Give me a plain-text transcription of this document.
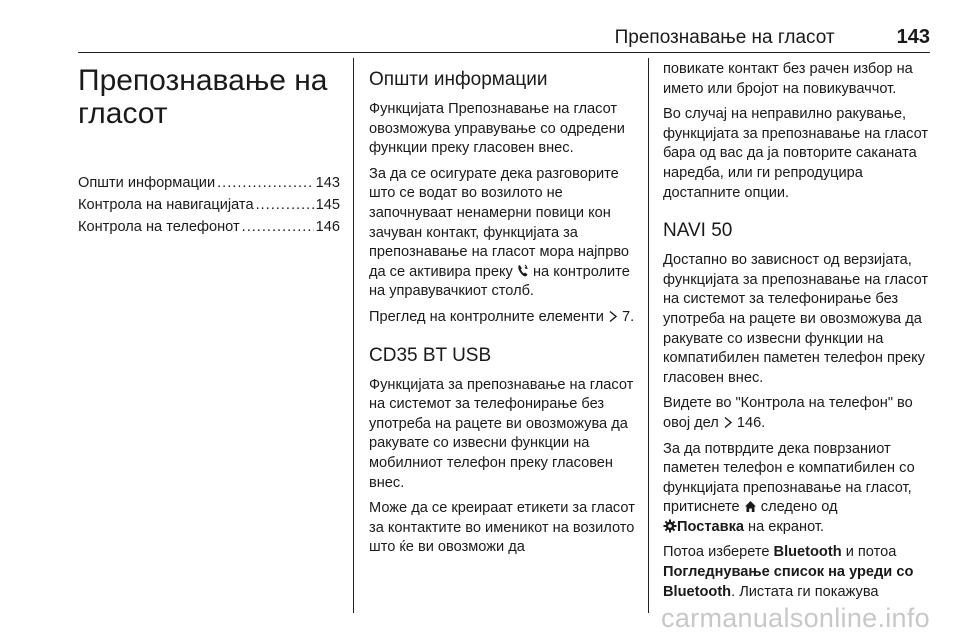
Препознавање на гласот	143
Препознавање на гласот
Општи информации .....	143
Контрола на навигацијата .....	145
Контрола на телефонот .....	146
Општи информации

Функцијата Препознавање на гласот овозможува управување со одредени функции преку гласовен внес.

За да се осигурате дека разговорите што се водат во возилото не започнуваат ненамерни повици кон зачуван контакт, функцијата за препознавање на гласот мора најпрво да се активира преку на контролите на управувачкиот столб.

Преглед на контролните елементи 7.

CD35 BT USB

Функцијата за препознавање на гласот на системот за телефонирање без употреба на рацете ви овозможува да ракувате со извесни функции на мобилниот телефон преку гласовен внес.

Може да се креираат етикети за гласот за контактите во именикот на возилото што ќе ви овозможи да

повикате контакт без рачен избор на името или бројот на повикуваччот.

Во случај на неправилно ракување, функцијата за препознавање на гласот бара од вас да ја повторите саканата наредба, или ги репродуцира достапните опции.

NAVI 50

Достапно во зависност од верзијата, функцијата за препознавање на гласот на системот за телефонирање без употреба на рацете ви овозможува да ракувате со извесни функции на компатибилен паметен телефон преку гласовен внес.

Видете во "Контрола на телефон" во овој дел 146.

За да потврдите дека поврзаниот паметен телефон е компатибилен со функцијата препознавање на гласот, притиснете следено од
Поставка на екранот.

Потоа изберете Bluetooth и потоа Погледнување список на уреди со Bluetooth. Листата ги покажува

carmanualsonline.info
